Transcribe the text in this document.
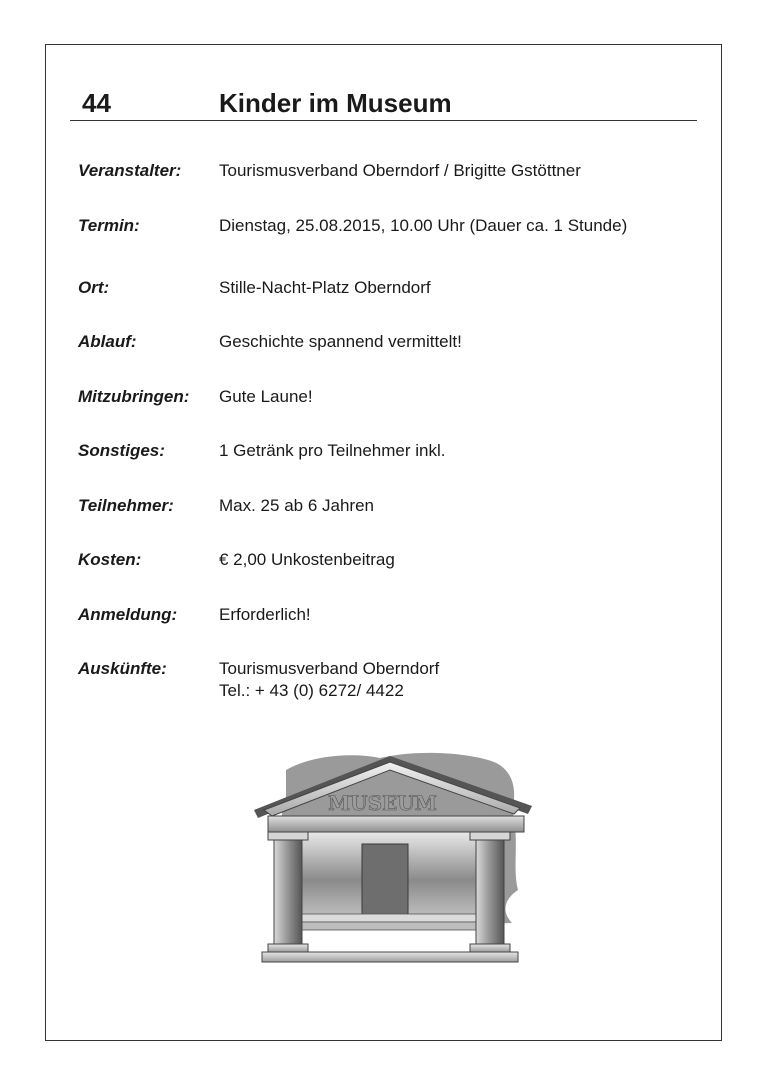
44	Kinder im Museum
Veranstalter: Tourismusverband Oberndorf / Brigitte Gstöttner
Termin:	Dienstag, 25.08.2015, 10.00 Uhr (Dauer ca. 1 Stunde)
Ort:	Stille-Nacht-Platz Oberndorf
Ablauf:	Geschichte spannend vermittelt!
Mitzubringen: Gute Laune!
Sonstiges:	1 Getränk pro Teilnehmer inkl.
Teilnehmer:	Max. 25 ab 6 Jahren
Kosten:	€ 2,00 Unkostenbeitrag
Anmeldung: Erforderlich!
Auskünfte:	Tourismusverband Oberndorf
Tel.: + 43 (0) 6272/ 4422
MUSEUM
